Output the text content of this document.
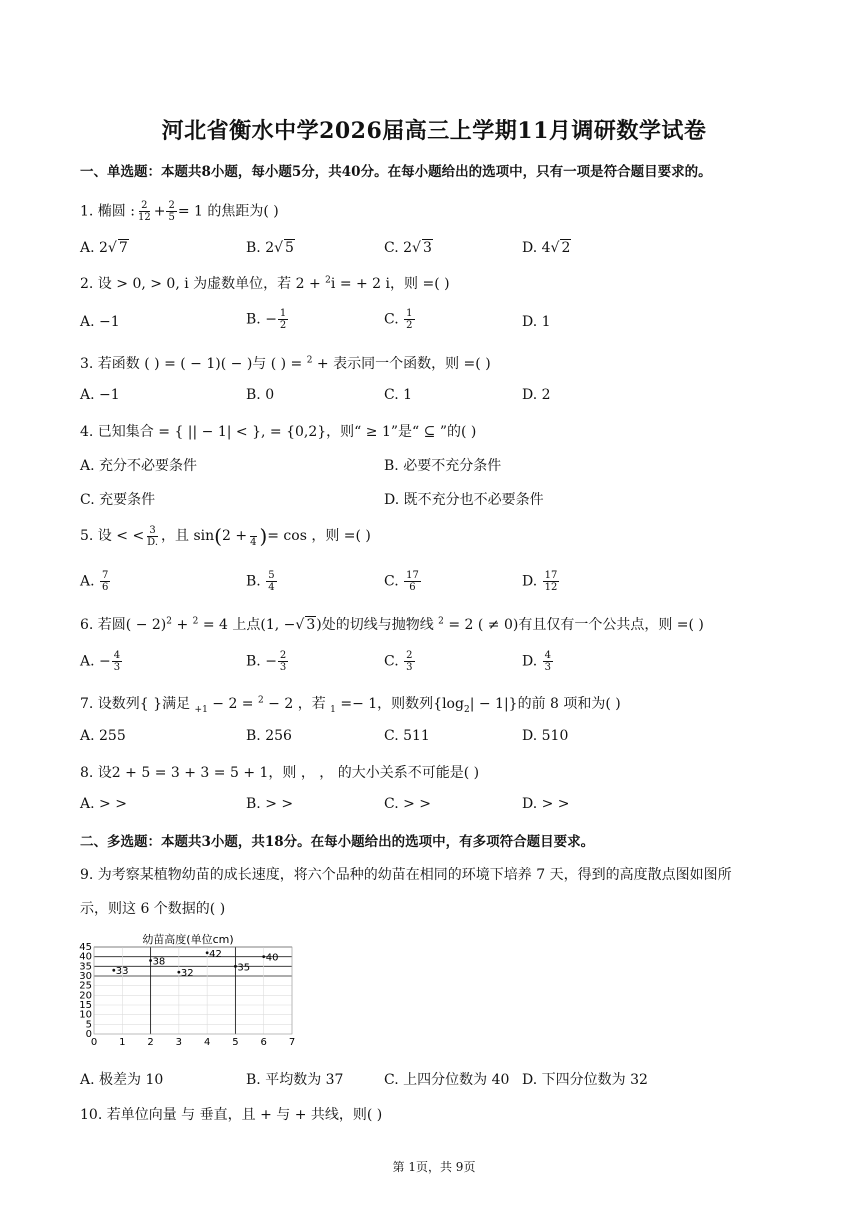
河北省衡水中学2026届高三上学期11月调研数学试卷
一、单选题：本题共8小题，每小题5分，共40分。在每小题给出的选项中，只有一项是符合题目要求的。
1. 椭圆 : $\frac{2}{12} + \frac{2}{5} = 1$ 的焦距为( )
A. 2√ 7	B. 2√ 5	C. 2√ 3	D. 4√ 2
2. 设 > 0, > 0, i 为虚数单位，若 2 + $^2$i = + 2 i，则 =( )
A. −1	B. − $\frac{1}{2}$	C. $\frac{1}{2}$	D. 1
3. 若函数 ( ) = ( − 1)( − )与 ( ) = $^2$ + 表示同一个函数，则 =( )
A. −1	B. 0	C. 1	D. 2
4. 已知集合 = { || − 1| < }, = {0,2}，则“ ≥ 1”是“ ⊆ ”的( )
A. 充分不必要条件	B. 必要不充分条件
C. 充要条件	D. 既不充分也不必要条件
5. 设 < < $\frac{3}{D.}$ ，且 sin(2 +
4 )= cos ，则 =( )
A. $\frac{7}{6}$	B. $\frac{5}{4}$	C. $\frac{17}{6}$	D. $\frac{17}{12}$
6. 若圆( − 2)$^2$ + $^2$ = 4 上点(1, −√ 3)处的切线与抛物线 $^2$ = 2 ( ≠ 0)有且仅有一个公共点，则 =( )
A. − $\frac{4}{3}$	B. − $\frac{2}{3}$	C. $\frac{2}{3}$	D. $\frac{4}{3}$
7. 设数列{ }满足 $_{+1}$ − 2 = $^2$ − 2 ，若 $_1$ =− 1，则数列$\{\log_2| - 1|\}$的前 8 项和为( )
A. 255	B. 256	C. 511	D. 510
8. 设2 + 5 = 3 + 3 = 5 + 1，则 ， ， 的大小关系不可能是( )
A. > >	B. > >	C. > >	D. > >
二、多选题：本题共3小题，共18分。在每小题给出的选项中，有多项符合题目要求。
9. 为考察某植物幼苗的成长速度，将六个品种的幼苗在相同的环境下培养 7 天，得到的高度散点图如图所
示，则这 6 个数据的( )
幼苗高度(单位cm)
0
5
10
15
20
25
30
35
40
45
0 1 2 3 4 5 6 7
33
38
32
42
35
40
A. 极差为 10	B. 平均数为 37	C. 上四分位数为 40 D. 下四分位数为 32
10. 若单位向量 与 垂直，且 + 与 + 共线，则( )
第 1页，共 9页
